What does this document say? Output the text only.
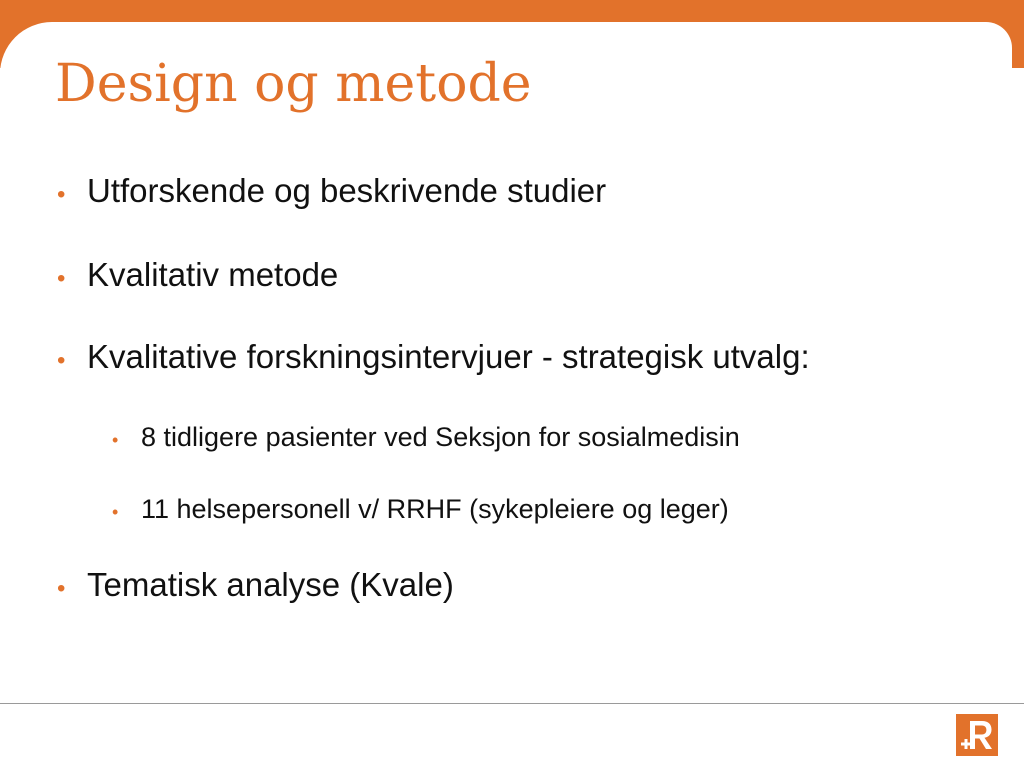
Design og metode
• Utforskende og beskrivende studier
• Kvalitativ metode
• Kvalitative forskningsintervjuer - strategisk utvalg:
• 8 tidligere pasienter ved Seksjon for sosialmedisin
• 11 helsepersonell v/ RRHF (sykepleiere og leger)
• Tematisk analyse (Kvale)
